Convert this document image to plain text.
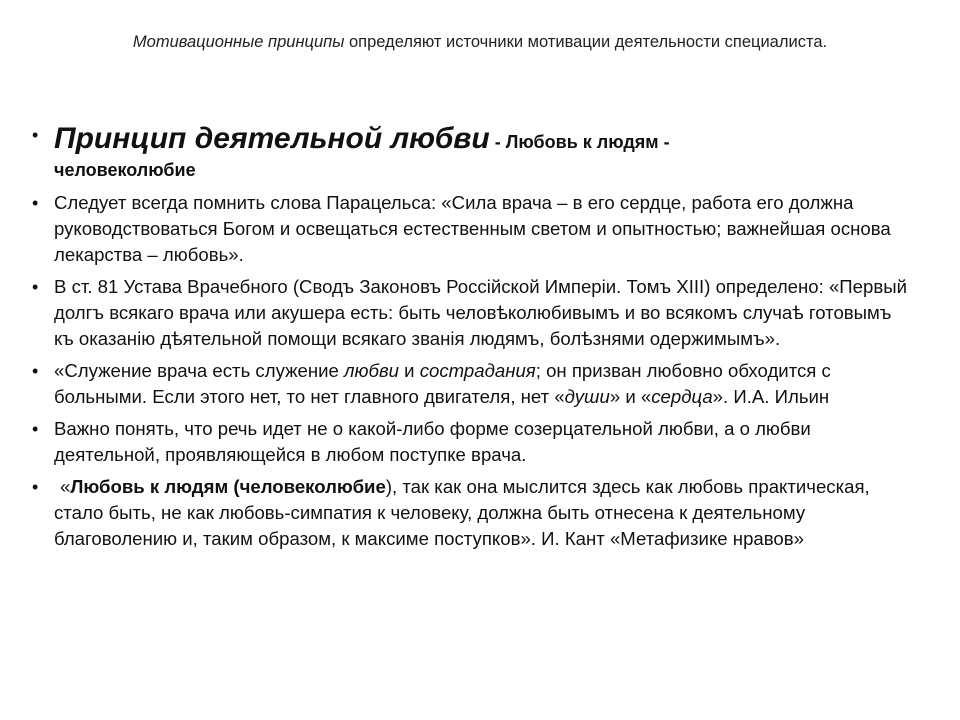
Мотивационные принципы определяют источники мотивации деятельности специалиста.
• Принцип деятельной любви - Любовь к людям -
человеколюбие
• Следует всегда помнить слова Парацельса: «Сила врача – в его сердце, работа его должна руководствоваться Богом и освещаться естественным светом и опытностью; важнейшая основа лекарства – любовь».
• В ст. 81 Устава Врачебного (Сводъ Законовъ Россiйской Имперiи. Томъ XIII) определено: «Первый долгъ всякаго врача или акушера есть: быть человѣколюбивымъ и во всякомъ случаѣ готовымъ къ оказанiю дѣятельной помощи всякаго званiя людямъ, болѣзнями одержимымъ».
• «Служение врача есть служение любви и сострадания; он призван любовно обходится с больными. Если этого нет, то нет главного двигателя, нет «души» и «сердца». И.А. Ильин
• Важно понять, что речь идет не о какой-либо форме созерцательной любви, а о любви деятельной, проявляющейся в любом поступке врача.
• «Любовь к людям (человеколюбие), так как она мыслится здесь как любовь практическая, стало быть, не как любовь-симпатия к человеку, должна быть отнесена к деятельному благоволению и, таким образом, к максиме поступков». И. Кант «Метафизике нравов»
